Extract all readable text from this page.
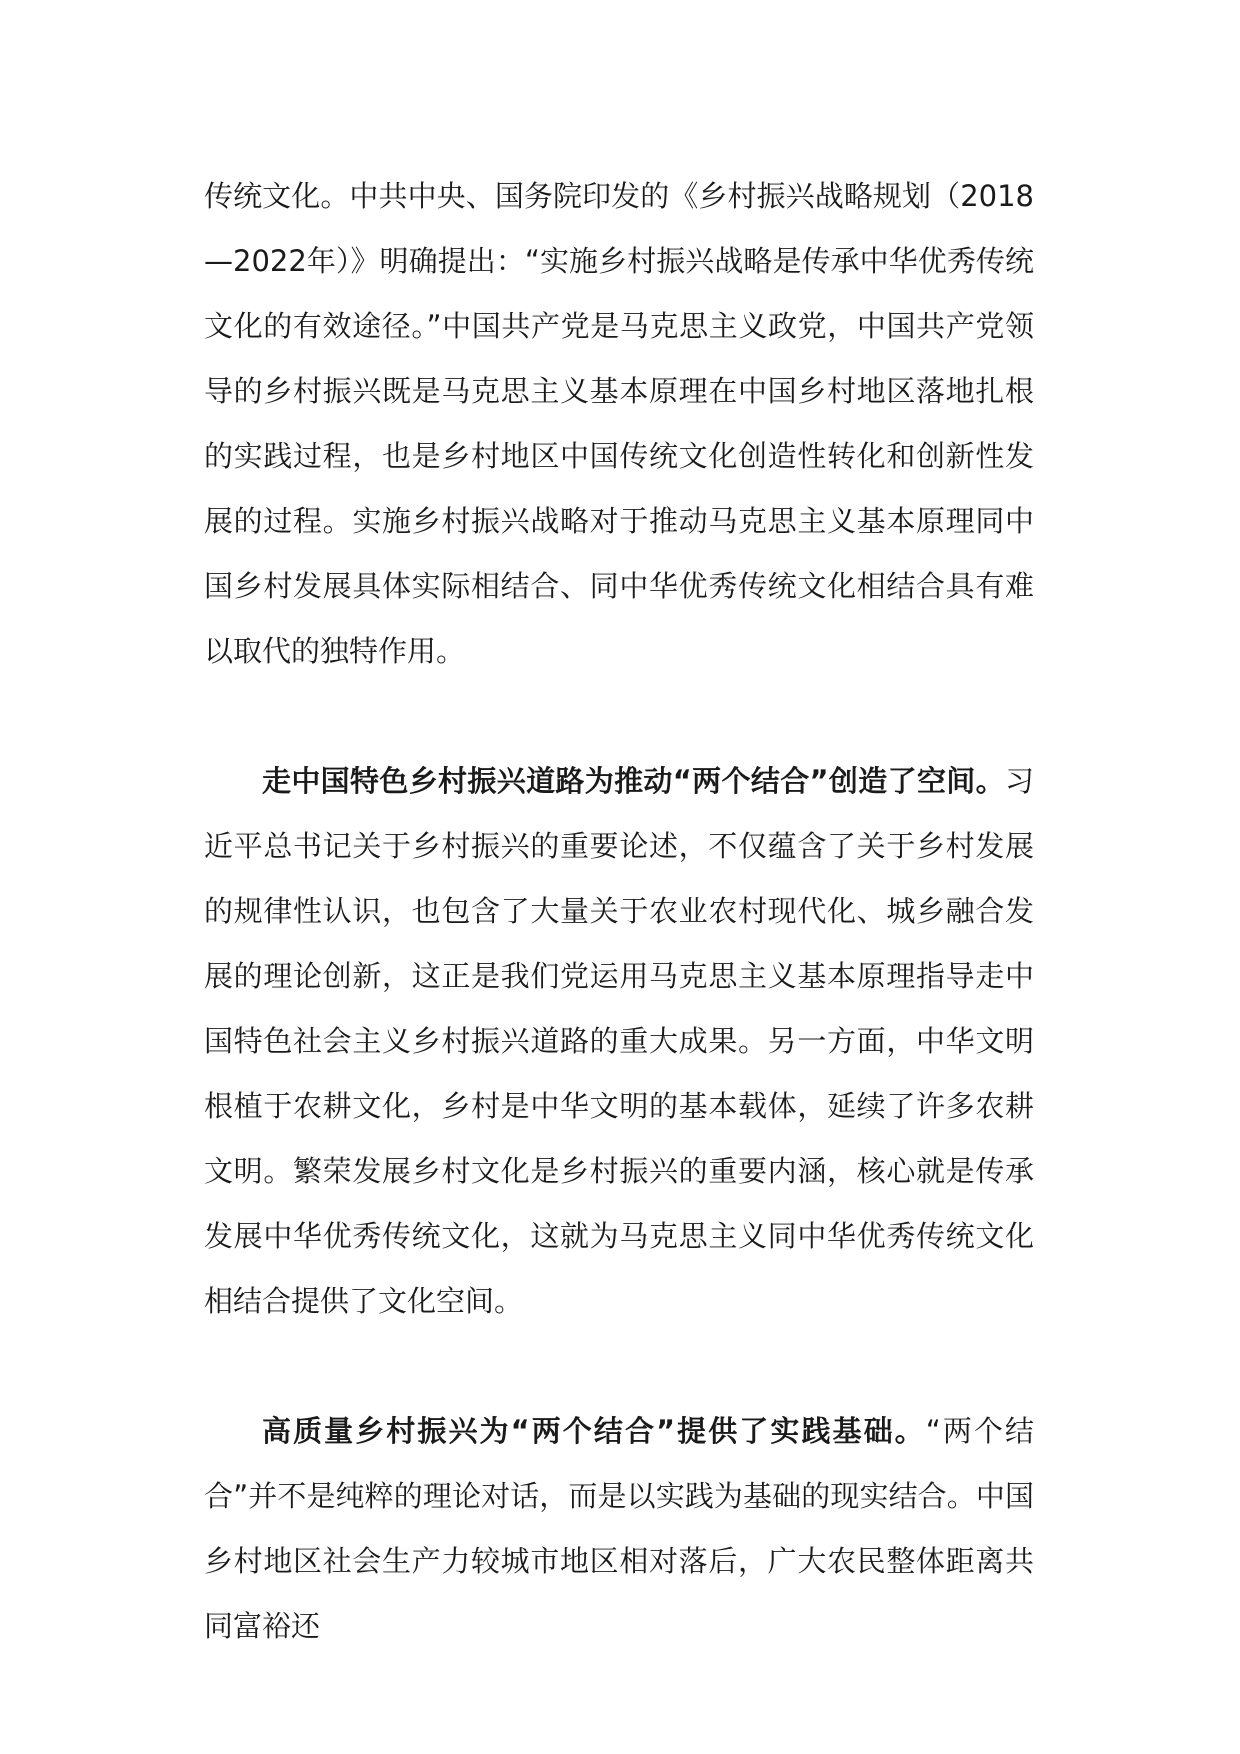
传统文化。中共中央、国务院印发的《乡村振兴战略规划（2018—2022年）》明确提出：“实施乡村振兴战略是传承中华优秀传统文化的有效途径。”中国共产党是马克思主义政党，中国共产党领导的乡村振兴既是马克思主义基本原理在中国乡村地区落地扎根的实践过程，也是乡村地区中国传统文化创造性转化和创新性发展的过程。实施乡村振兴战略对于推动马克思主义基本原理同中国乡村发展具体实际相结合、同中华优秀传统文化相结合具有难以取代的独特作用。

走中国特色乡村振兴道路为推动“两个结合”创造了空间。习近平总书记关于乡村振兴的重要论述，不仅蕴含了关于乡村发展的规律性认识，也包含了大量关于农业农村现代化、城乡融合发展的理论创新，这正是我们党运用马克思主义基本原理指导走中国特色社会主义乡村振兴道路的重大成果。另一方面，中华文明根植于农耕文化，乡村是中华文明的基本载体，延续了许多农耕文明。繁荣发展乡村文化是乡村振兴的重要内涵，核心就是传承发展中华优秀传统文化，这就为马克思主义同中华优秀传统文化相结合提供了文化空间。

高质量乡村振兴为“两个结合”提供了实践基础。“两个结合”并不是纯粹的理论对话，而是以实践为基础的现实结合。中国乡村地区社会生产力较城市地区相对落后，广大农民整体距离共同富裕还
